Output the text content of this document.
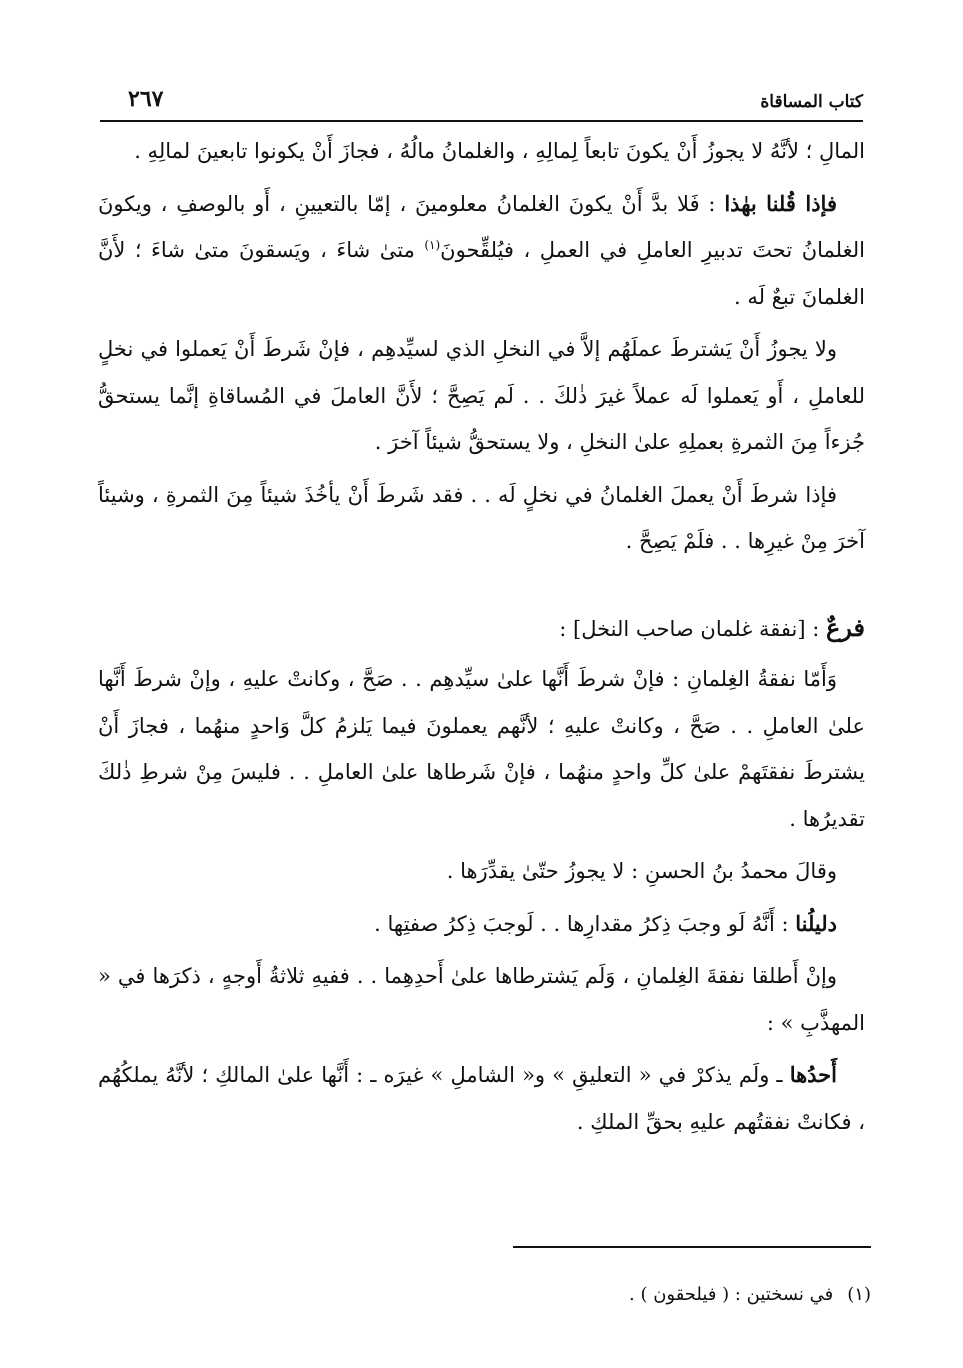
كتاب المساقاة
٢٦٧

المالِ ؛ لأنَّهُ لا يجوزُ أَنْ يكونَ تابعاً لِمالِهِ ، والغلمانُ مالُهُ ، فجازَ أَنْ يكونوا تابعينَ لمالِهِ .

فإذا قُلنا بهٰذا : فَلا بدَّ أَنْ يكونَ الغلمانُ معلومينَ ، إمّا بالتعيينِ ، أَو بالوصفِ ، ويكونَ الغلمانُ تحتَ تدبيرِ العاملِ في العملِ ، فيُلقِّحونَ$^{(١)}$ متىٰ شاءَ ، ويَسقونَ متىٰ شاءَ ؛ لأَنَّ الغلمانَ تبعٌ لَه .

ولا يجوزُ أَنْ يَشترطَ عملَهُم إلاَّ في النخلِ الذي لسيِّدهِم ، فإنْ شَرطَ أَنْ يَعملوا في نخلٍ للعاملِ ، أَو يَعملوا لَه عملاً غيرَ ذٰلكَ . . لَم يَصِحَّ ؛ لأَنَّ العاملَ في المُساقاةِ إنَّما يستحقُّ جُزءاً مِنَ الثمرةِ بعملِهِ علىٰ النخلِ ، ولا يستحقُّ شيئاً آخرَ .

فإذا شرطَ أَنْ يعملَ الغلمانُ في نخلٍ لَه . . فقد شَرطَ أَنْ يأخُذَ شيئاً مِنَ الثمرةِ ، وشيئاً آخرَ مِنْ غيرِها . . فلَمْ يَصِحَّ .

فرعٌ : [نفقة غلمان صاحب النخل] :

وَأَمّا نفقةُ الغِلمانِ : فإنْ شرطَ أَنَّها علىٰ سيِّدهِم . . صَحَّ ، وكانتْ عليهِ ، وإنْ شرطَ أَنَّها علىٰ العاملِ . . صَحَّ ، وكانتْ عليهِ ؛ لأنَّهم يعملونَ فيما يَلزمُ كلَّ وَاحدٍ منهُما ، فجازَ أَنْ يشترطَ نفقتَهمْ علىٰ كلِّ واحدٍ منهُما ، فإنْ شَرطاها علىٰ العاملِ . . فليسَ مِنْ شرطِ ذٰلكَ تقديرُها .

وقالَ محمدُ بنُ الحسنِ : لا يجوزُ حتّىٰ يقدِّرَها .

دليلُنا : أَنَّهُ لَو وجبَ ذِكرُ مقدارِها . . لَوجبَ ذِكرُ صفتِها .

وإنْ أَطلقا نفقةَ الغِلمانِ ، وَلَم يَشترطاها علىٰ أَحدِهِما . . ففيهِ ثلاثةُ أَوجهٍ ، ذكرَها في « المهذَّبِ » :

أَحدُها ـ ولَم يذكرْ في « التعليقِ » و« الشاملِ » غيرَه ـ : أَنَّها علىٰ المالكِ ؛ لأنَّهُ يملكُهُم ، فكانتْ نفقتُهم عليهِ بحقِّ الملكِ .

(١)في نسختين : ( فيلحقون ) .
